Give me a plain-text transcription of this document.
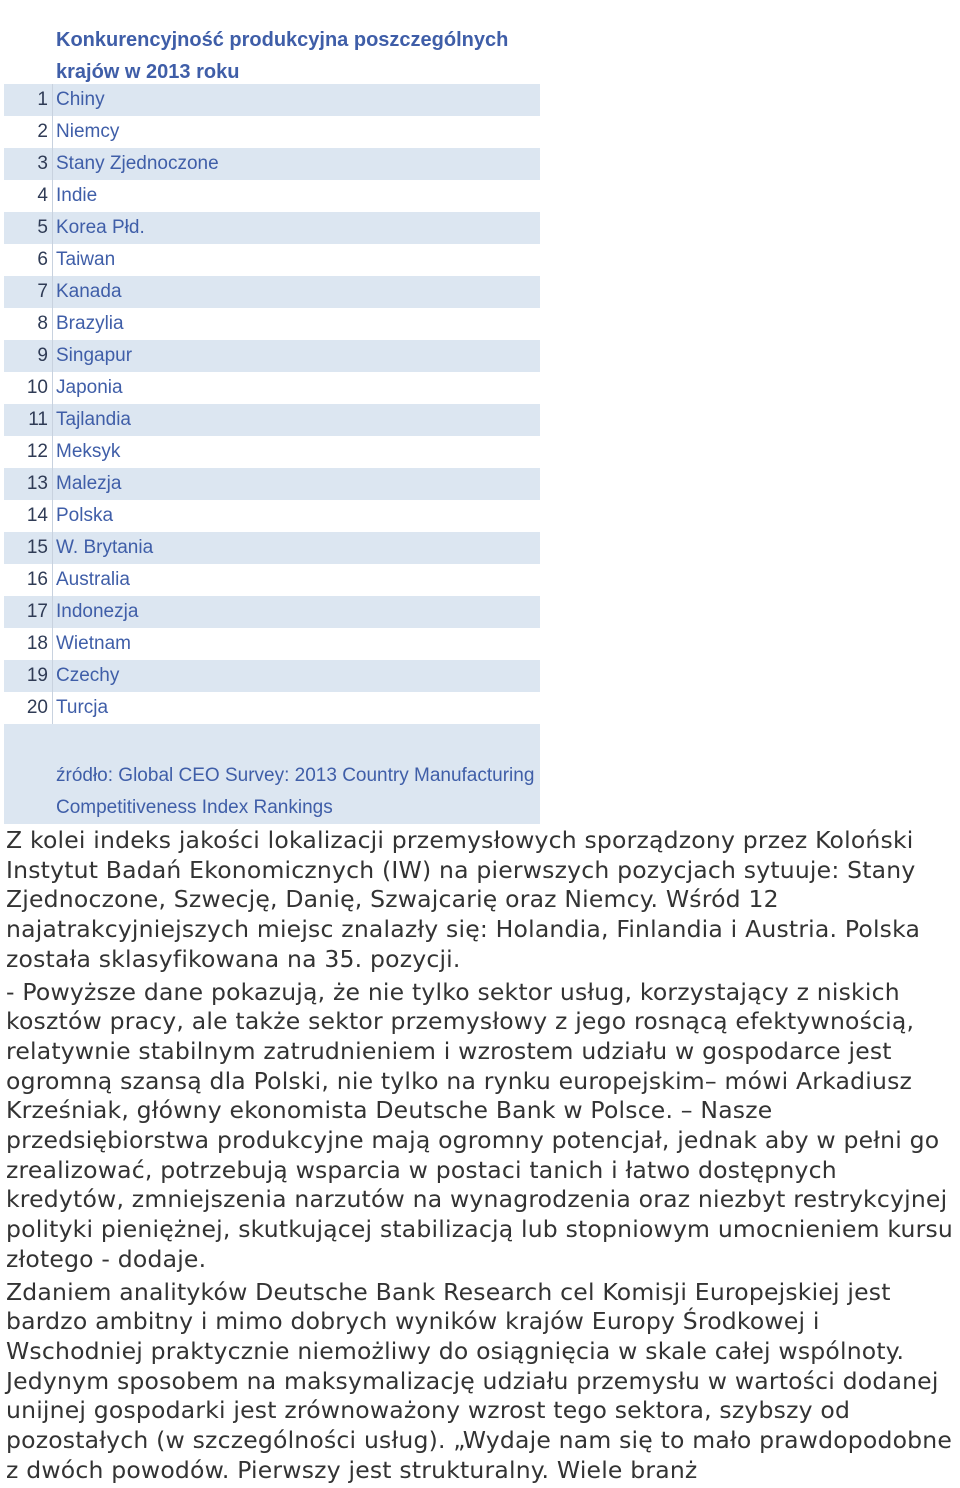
Konkurencyjność produkcyjna poszczególnych krajów w 2013 roku
1 Chiny
2 Niemcy
3 Stany Zjednoczone
4 Indie
5 Korea Płd.
6 Taiwan
7 Kanada
8 Brazylia
9 Singapur
10 Japonia
11 Tajlandia
12 Meksyk
13 Malezja
14 Polska
15 W. Brytania
16 Australia
17 Indonezja
18 Wietnam
19 Czechy
20 Turcja
źródło: Global CEO Survey: 2013 Country Manufacturing Competitiveness Index Rankings

Z kolei indeks jakości lokalizacji przemysłowych sporządzony przez Koloński Instytut Badań Ekonomicznych (IW) na pierwszych pozycjach sytuuje: Stany Zjednoczone, Szwecję, Danię, Szwajcarię oraz Niemcy. Wśród 12 najatrakcyjniejszych miejsc znalazły się: Holandia, Finlandia i Austria. Polska została sklasyfikowana na 35. pozycji.

- Powyższe dane pokazują, że nie tylko sektor usług, korzystający z niskich kosztów pracy, ale także sektor przemysłowy z jego rosnącą efektywnością, relatywnie stabilnym zatrudnieniem i wzrostem udziału w gospodarce jest ogromną szansą dla Polski, nie tylko na rynku europejskim– mówi Arkadiusz Krześniak, główny ekonomista Deutsche Bank w Polsce. – Nasze przedsiębiorstwa produkcyjne mają ogromny potencjał, jednak aby w pełni go zrealizować, potrzebują wsparcia w postaci tanich i łatwo dostępnych kredytów, zmniejszenia narzutów na wynagrodzenia oraz niezbyt restrykcyjnej polityki pieniężnej, skutkującej stabilizacją lub stopniowym umocnieniem kursu złotego - dodaje.

Zdaniem analityków Deutsche Bank Research cel Komisji Europejskiej jest bardzo ambitny i mimo dobrych wyników krajów Europy Środkowej i Wschodniej praktycznie niemożliwy do osiągnięcia w skale całej wspólnoty. Jedynym sposobem na maksymalizację udziału przemysłu w wartości dodanej unijnej gospodarki jest zrównoważony wzrost tego sektora, szybszy od pozostałych (w szczególności usług). „Wydaje nam się to mało prawdopodobne z dwóch powodów. Pierwszy jest strukturalny. Wiele branż
